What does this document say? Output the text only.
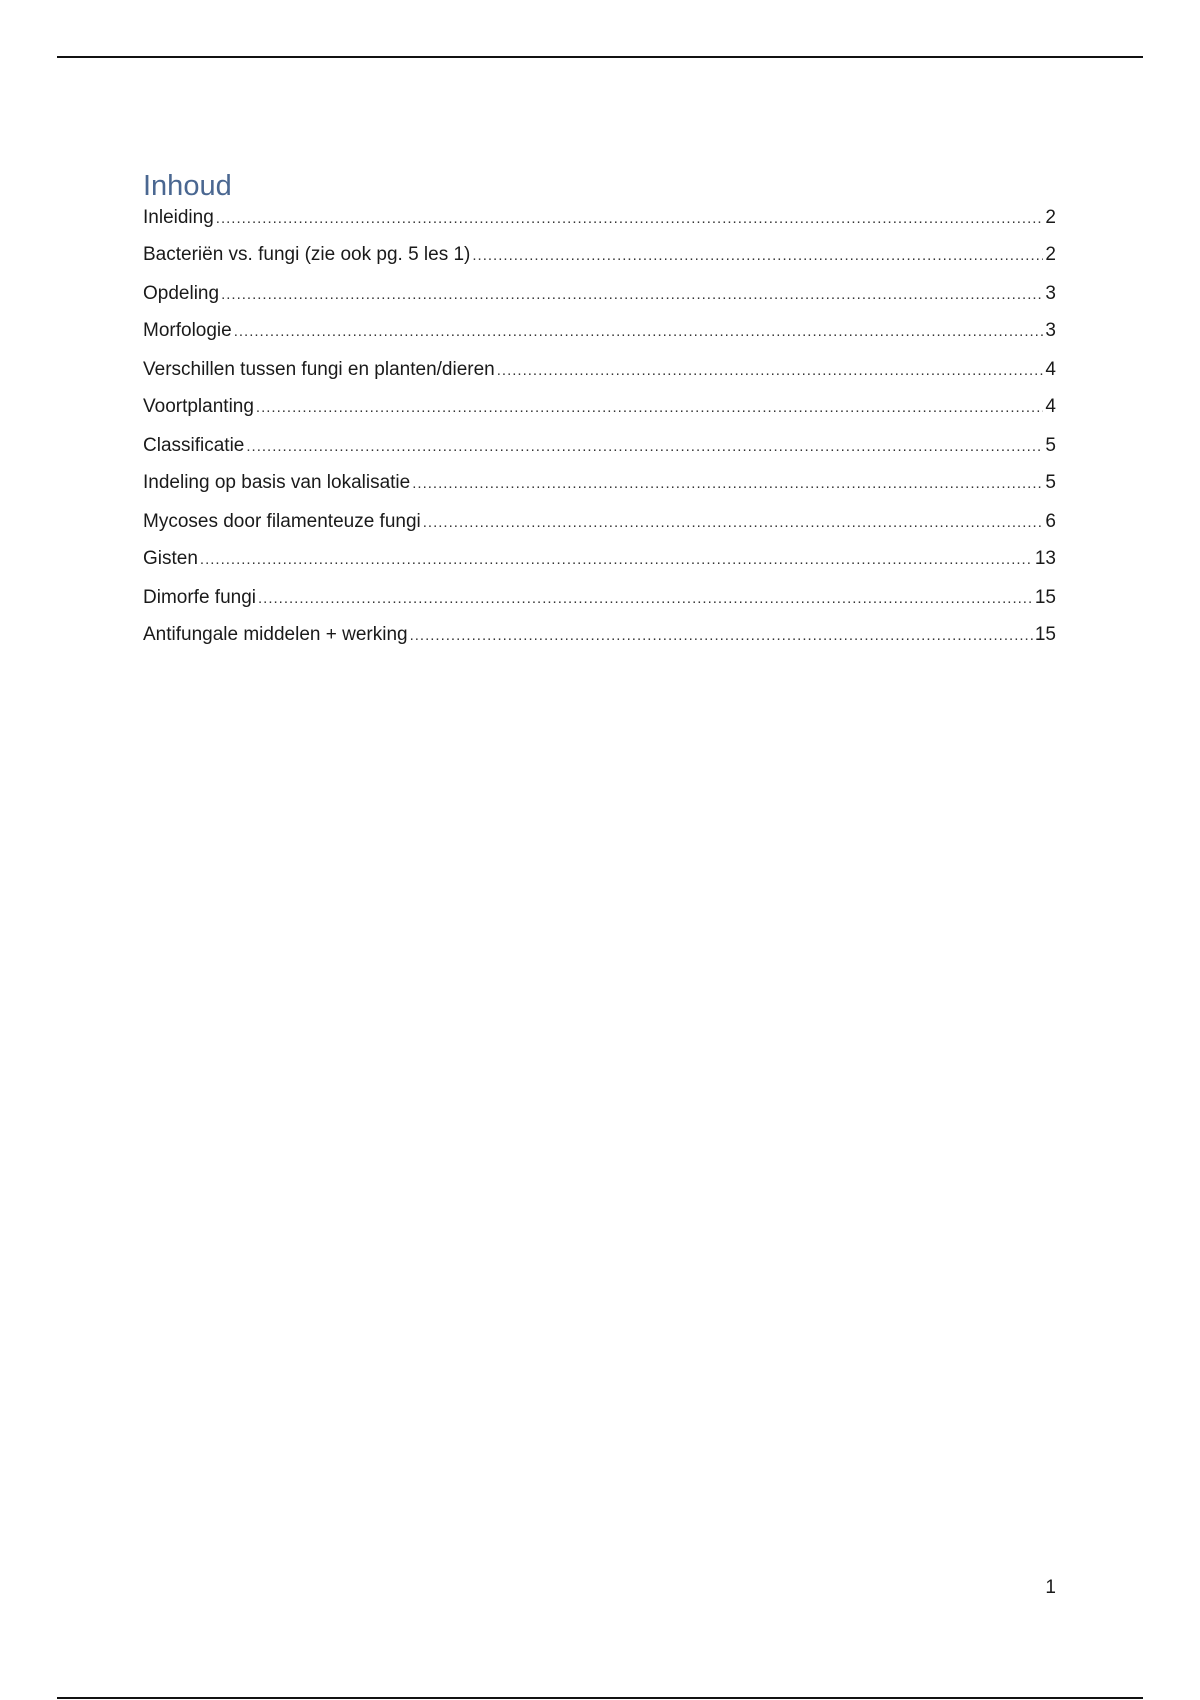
Inhoud
Inleiding .....	2
Bacteriën vs. fungi (zie ook pg. 5 les 1) .....	2
Opdeling .....	3
Morfologie .....	3
Verschillen tussen fungi en planten/dieren .....	4
Voortplanting .....	4
Classificatie .....	5
Indeling op basis van lokalisatie .....	5
Mycoses door filamenteuze fungi .....	6
Gisten .....	13
Dimorfe fungi .....	15
Antifungale middelen + werking .....	15
1
